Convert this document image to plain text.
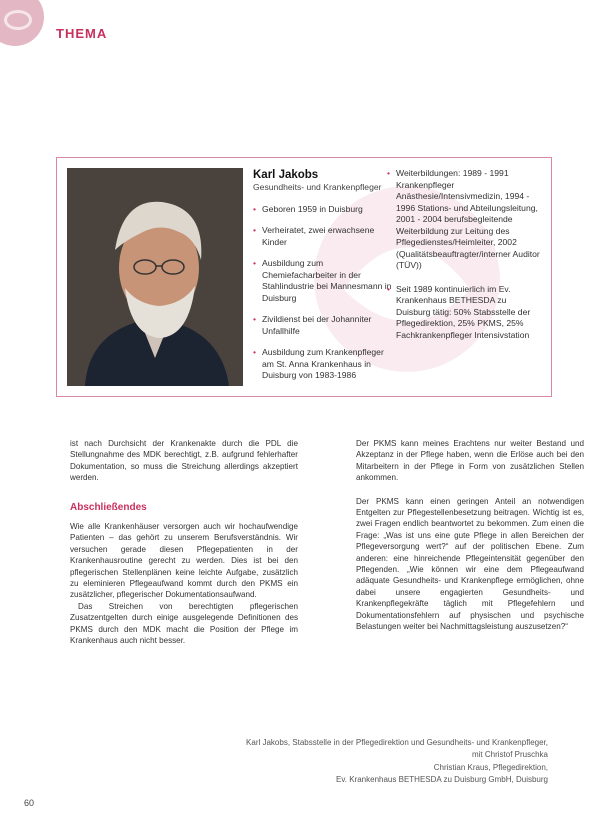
THEMA

Karl Jakobs

Gesundheits- und Krankenpfleger

• Geboren 1959 in Duisburg
• Verheiratet, zwei erwachsene Kinder
• Ausbildung zum Chemiefacharbeiter in der Stahlindustrie bei Mannesmann in Duisburg
• Zivildienst bei der Johanniter Unfallhilfe
• Ausbildung zum Krankenpfleger am St. Anna Krankenhaus in Duisburg von 1983-1986
• Weiterbildungen: 1989 - 1991 Krankenpfleger Anästhesie/Intensivmedizin, 1994 - 1996 Stations- und Abteilungsleitung, 2001 - 2004 berufsbegleitende Weiterbildung zur Leitung des Pflegedienstes/Heimleiter, 2002 (Qualitätsbeauftragter/interner Auditor (TÜV))
• Seit 1989 kontinuierlich im Ev. Krankenhaus BETHESDA zu Duisburg tätig: 50% Stabsstelle der Pflegedirektion, 25% PKMS, 25% Fachkrankenpfleger Intensivstation

ist nach Durchsicht der Krankenakte durch die PDL die Stellungnahme des MDK berechtigt, z.B. aufgrund fehlerhafter Dokumentation, so muss die Streichung allerdings akzeptiert werden.

Abschließendes

Wie alle Krankenhäuser versorgen auch wir hochaufwendige Patienten – das gehört zu unserem Berufsverständnis. Wir versuchen gerade diesen Pflegepatienten in der Krankenhausroutine gerecht zu werden. Dies ist bei den pflegerischen Stellenplänen keine leichte Aufgabe, zusätzlich zu eleminieren Pflegeaufwand kommt durch den PKMS ein zusätzlicher, pflegerischer Dokumentationsaufwand.

Das Streichen von berechtigten pflegerischen Zusatzentgelten durch einige ausgelegende Definitionen des PKMS durch den MDK macht die Position der Pflege im Krankenhaus auch nicht besser.

Der PKMS kann meines Erachtens nur weiter Bestand und Akzeptanz in der Pflege haben, wenn die Erlöse auch bei den Mitarbeitern in der Pflege in Form von zusätzlichen Stellen ankommen.

Der PKMS kann einen geringen Anteil an notwendigen Entgelten zur Pflegestellenbesetzung beitragen. Wichtig ist es, zwei Fragen endlich beantwortet zu bekommen. Zum einen die Frage: „Was ist uns eine gute Pflege in allen Bereichen der Pflegeversorgung wert?“ auf der politischen Ebene. Zum anderen: eine hinreichende Pflegeintensität gegenüber den Pflegenden. „Wie können wir eine dem Pflegeaufwand adäquate Gesundheits- und Krankenpflege ermöglichen, ohne dabei unsere engagierten Gesundheits- und Krankenpflegekräfte täglich mit Pflegefehlern und Dokumentationsfehlern auf physischen und psychische Belastungen weiter bei Nachmittagsleistung auszusetzen?“

Karl Jakobs, Stabsstelle in der Pflegedirektion und Gesundheits- und Krankenpfleger,
mit Christof Pruschka
Christian Kraus, Pflegedirektion,
Ev. Krankenhaus BETHESDA zu Duisburg GmbH, Duisburg
60
